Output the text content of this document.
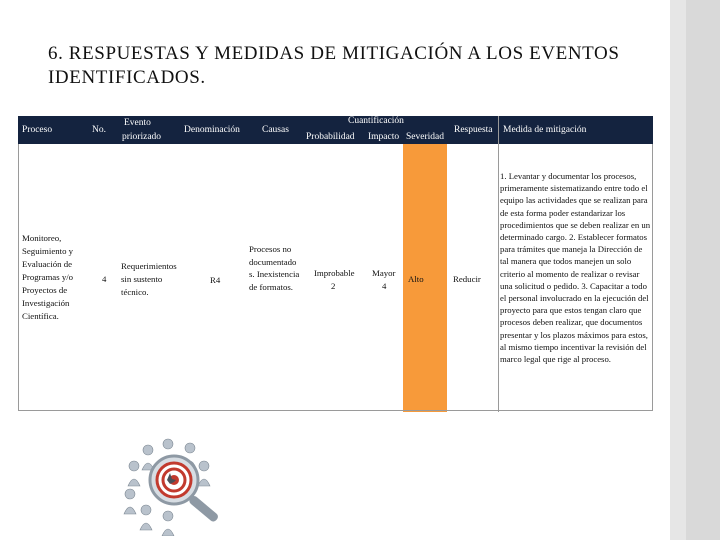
6. RESPUESTAS Y MEDIDAS DE MITIGACIÓN A LOS EVENTOS IDENTIFICADOS.
Proceso	No.
Evento
priorizado
Denominación Causas
Cuantificación
Probabilidad Impacto Severidad
Respuesta Medida de mitigación
Monitoreo, Seguimiento y Evaluación de Programas y/o Proyectos de Investigación Científica.
4
Requerimientos sin sustento técnico.
R4
Procesos no documentado s. Inexistencia de formatos.
Improbable
2
Mayor
4
Alto	Reducir
1. Levantar y documentar los procesos, primeramente sistematizando entre todo el equipo las actividades que se realizan para de esta forma poder estandarizar los procedimientos que se deben realizar en un determinado cargo. 2. Establecer formatos para trámites que maneja la Dirección de tal manera que todos manejen un solo criterio al momento de realizar o revisar una solicitud o pedido. 3. Capacitar a todo el personal involucrado en la ejecución del proyecto para que estos tengan claro que procesos deben realizar, que documentos presentar y los plazos máximos para estos, al mismo tiempo incentivar la revisión del marco legal que rige al proceso.
